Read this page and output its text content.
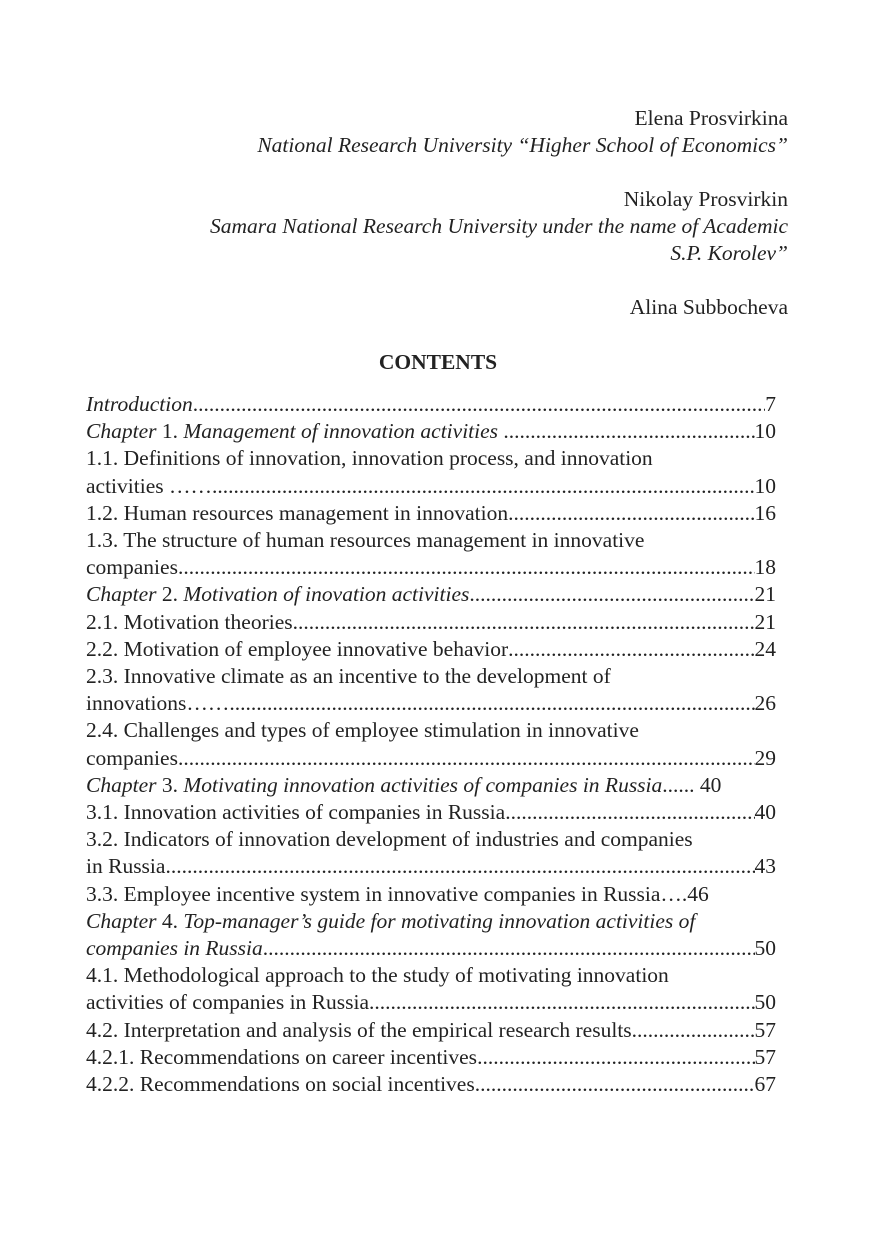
Elena Prosvirkina
National Research University “Higher School of Economics”
Nikolay Prosvirkin
Samara National Research University under the name of Academic
S.P. Korolev”
Alina Subbocheva
CONTENTS
Introduction .....	7
Chapter 1. Management of innovation activities .....	10
1.1. Definitions of innovation, innovation process, and innovation
activities …… .....	10
1.2. Human resources management in innovation .....	16
1.3. The structure of human resources management in innovative
companies .....	18
Chapter 2. Motivation of inovation activities .....	21
2.1. Motivation theories .....	21
2.2. Motivation of employee innovative behavior .....	24
2.3. Innovative climate as an incentive to the development of
innovations…… .....	26
2.4. Challenges and types of employee stimulation in innovative
companies .....	29
Chapter 3. Motivating innovation activities of companies in Russia...... 40
3.1. Innovation activities of companies in Russia .....	40
3.2. Indicators of innovation development of industries and companies
in Russia. .....	43
3.3. Employee incentive system in innovative companies in Russia….46
Chapter 4. Top-manager’s guide for motivating innovation activities of
companies in Russia .....	50
4.1. Methodological approach to the study of motivating innovation
activities of companies in Russia .....	50
4.2. Interpretation and analysis of the empirical research results .....	57
4.2.1. Recommendations on career incentives .....	57
4.2.2. Recommendations on social incentives .....	67
